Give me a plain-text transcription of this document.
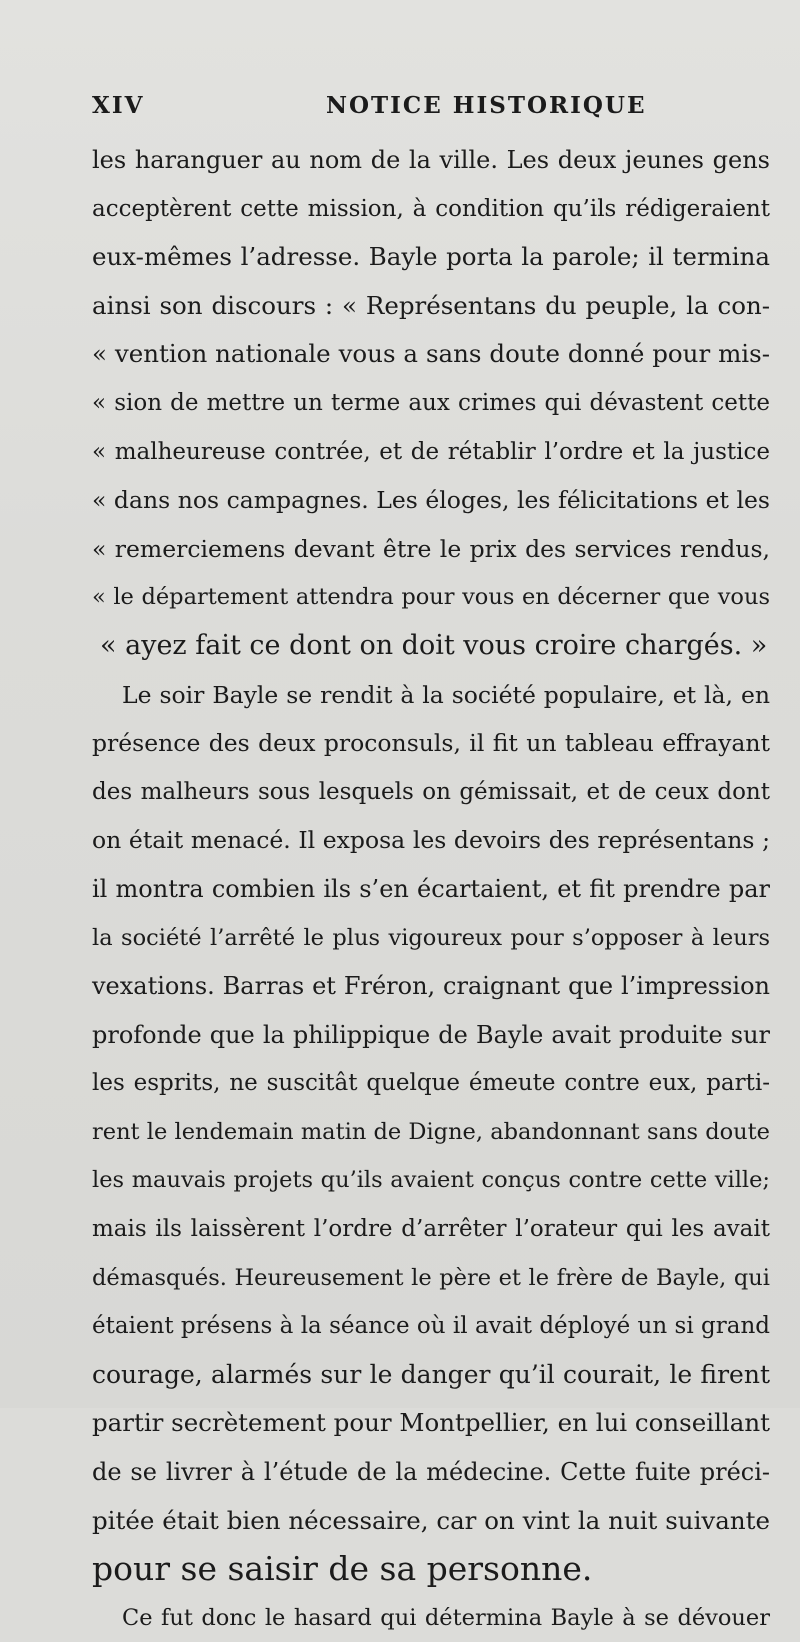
XIV	NOTICE HISTORIQUE
les haranguer au nom de la ville. Les deux jeunes gens
acceptèrent cette mission, à condition qu’ils rédigeraient
eux-mêmes l’adresse. Bayle porta la parole; il termina
ainsi son discours : « Représentans du peuple, la con-
« vention nationale vous a sans doute donné pour mis-
« sion de mettre un terme aux crimes qui dévastent cette
« malheureuse contrée, et de rétablir l’ordre et la justice
« dans nos campagnes. Les éloges, les félicitations et les
« remerciemens devant être le prix des services rendus,
« le département attendra pour vous en décerner que vous
« ayez fait ce dont on doit vous croire chargés. »
Le soir Bayle se rendit à la société populaire, et là, en
présence des deux proconsuls, il fit un tableau effrayant
des malheurs sous lesquels on gémissait, et de ceux dont
on était menacé. Il exposa les devoirs des représentans ;
il montra combien ils s’en écartaient, et fit prendre par
la société l’arrêté le plus vigoureux pour s’opposer à leurs
vexations. Barras et Fréron, craignant que l’impression
profonde que la philippique de Bayle avait produite sur
les esprits, ne suscitât quelque émeute contre eux, parti-
rent le lendemain matin de Digne, abandonnant sans doute
les mauvais projets qu’ils avaient conçus contre cette ville;
mais ils laissèrent l’ordre d’arrêter l’orateur qui les avait
démasqués. Heureusement le père et le frère de Bayle, qui
étaient présens à la séance où il avait déployé un si grand
courage, alarmés sur le danger qu’il courait, le firent
partir secrètement pour Montpellier, en lui conseillant
de se livrer à l’étude de la médecine. Cette fuite préci-
pitée était bien nécessaire, car on vint la nuit suivante
pour se saisir de sa personne.
Ce fut donc le hasard qui détermina Bayle à se dévouer
